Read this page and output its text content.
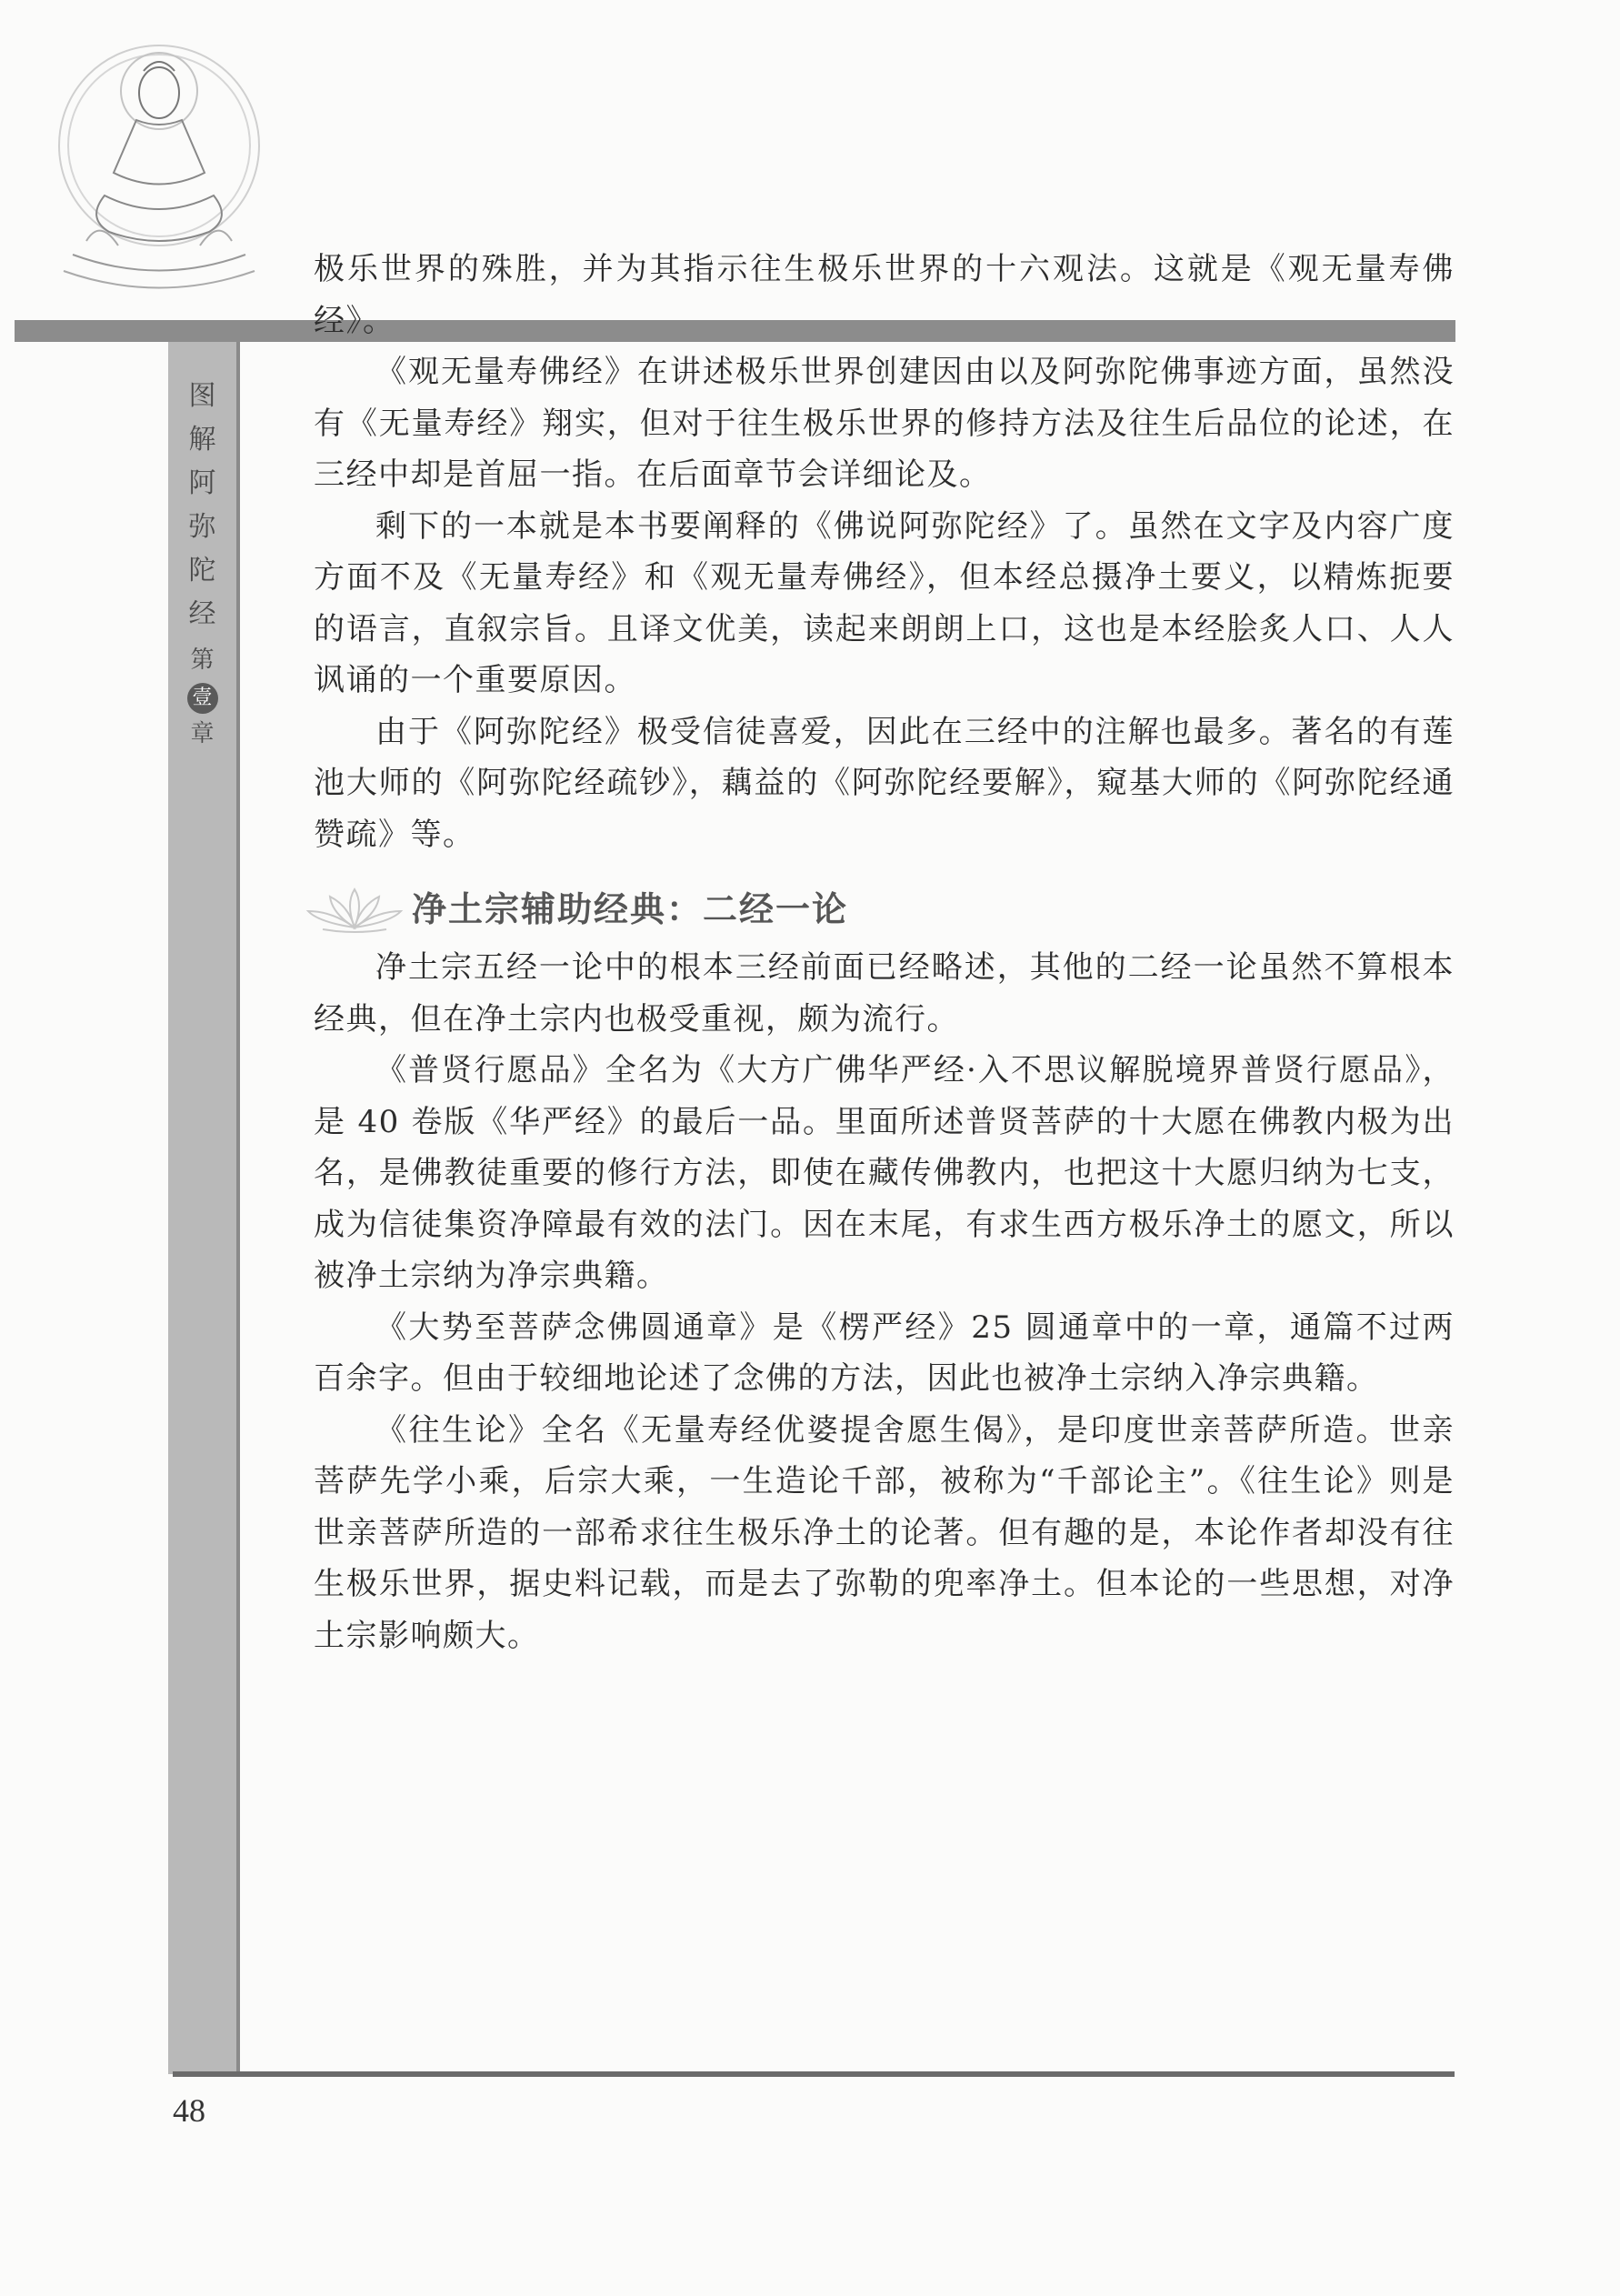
图
解
阿
弥
陀
经
第
壹
章

极乐世界的殊胜，并为其指示往生极乐世界的十六观法。这就是《观无量寿佛经》。

《观无量寿佛经》在讲述极乐世界创建因由以及阿弥陀佛事迹方面，虽然没有《无量寿经》翔实，但对于往生极乐世界的修持方法及往生后品位的论述，在三经中却是首屈一指。在后面章节会详细论及。

剩下的一本就是本书要阐释的《佛说阿弥陀经》了。虽然在文字及内容广度方面不及《无量寿经》和《观无量寿佛经》，但本经总摄净土要义，以精炼扼要的语言，直叙宗旨。且译文优美，读起来朗朗上口，这也是本经脍炙人口、人人讽诵的一个重要原因。

由于《阿弥陀经》极受信徒喜爱，因此在三经中的注解也最多。著名的有莲池大师的《阿弥陀经疏钞》，藕益的《阿弥陀经要解》，窥基大师的《阿弥陀经通赞疏》等。

净土宗辅助经典：二经一论

净土宗五经一论中的根本三经前面已经略述，其他的二经一论虽然不算根本经典，但在净土宗内也极受重视，颇为流行。

《普贤行愿品》全名为《大方广佛华严经·入不思议解脱境界普贤行愿品》，是 40 卷版《华严经》的最后一品。里面所述普贤菩萨的十大愿在佛教内极为出名，是佛教徒重要的修行方法，即使在藏传佛教内，也把这十大愿归纳为七支，成为信徒集资净障最有效的法门。因在末尾，有求生西方极乐净土的愿文，所以被净土宗纳为净宗典籍。

《大势至菩萨念佛圆通章》是《楞严经》25 圆通章中的一章，通篇不过两百余字。但由于较细地论述了念佛的方法，因此也被净土宗纳入净宗典籍。

《往生论》全名《无量寿经优婆提舍愿生偈》，是印度世亲菩萨所造。世亲菩萨先学小乘，后宗大乘，一生造论千部，被称为“千部论主”。《往生论》则是世亲菩萨所造的一部希求往生极乐净土的论著。但有趣的是，本论作者却没有往生极乐世界，据史料记载，而是去了弥勒的兜率净土。但本论的一些思想，对净土宗影响颇大。

48
